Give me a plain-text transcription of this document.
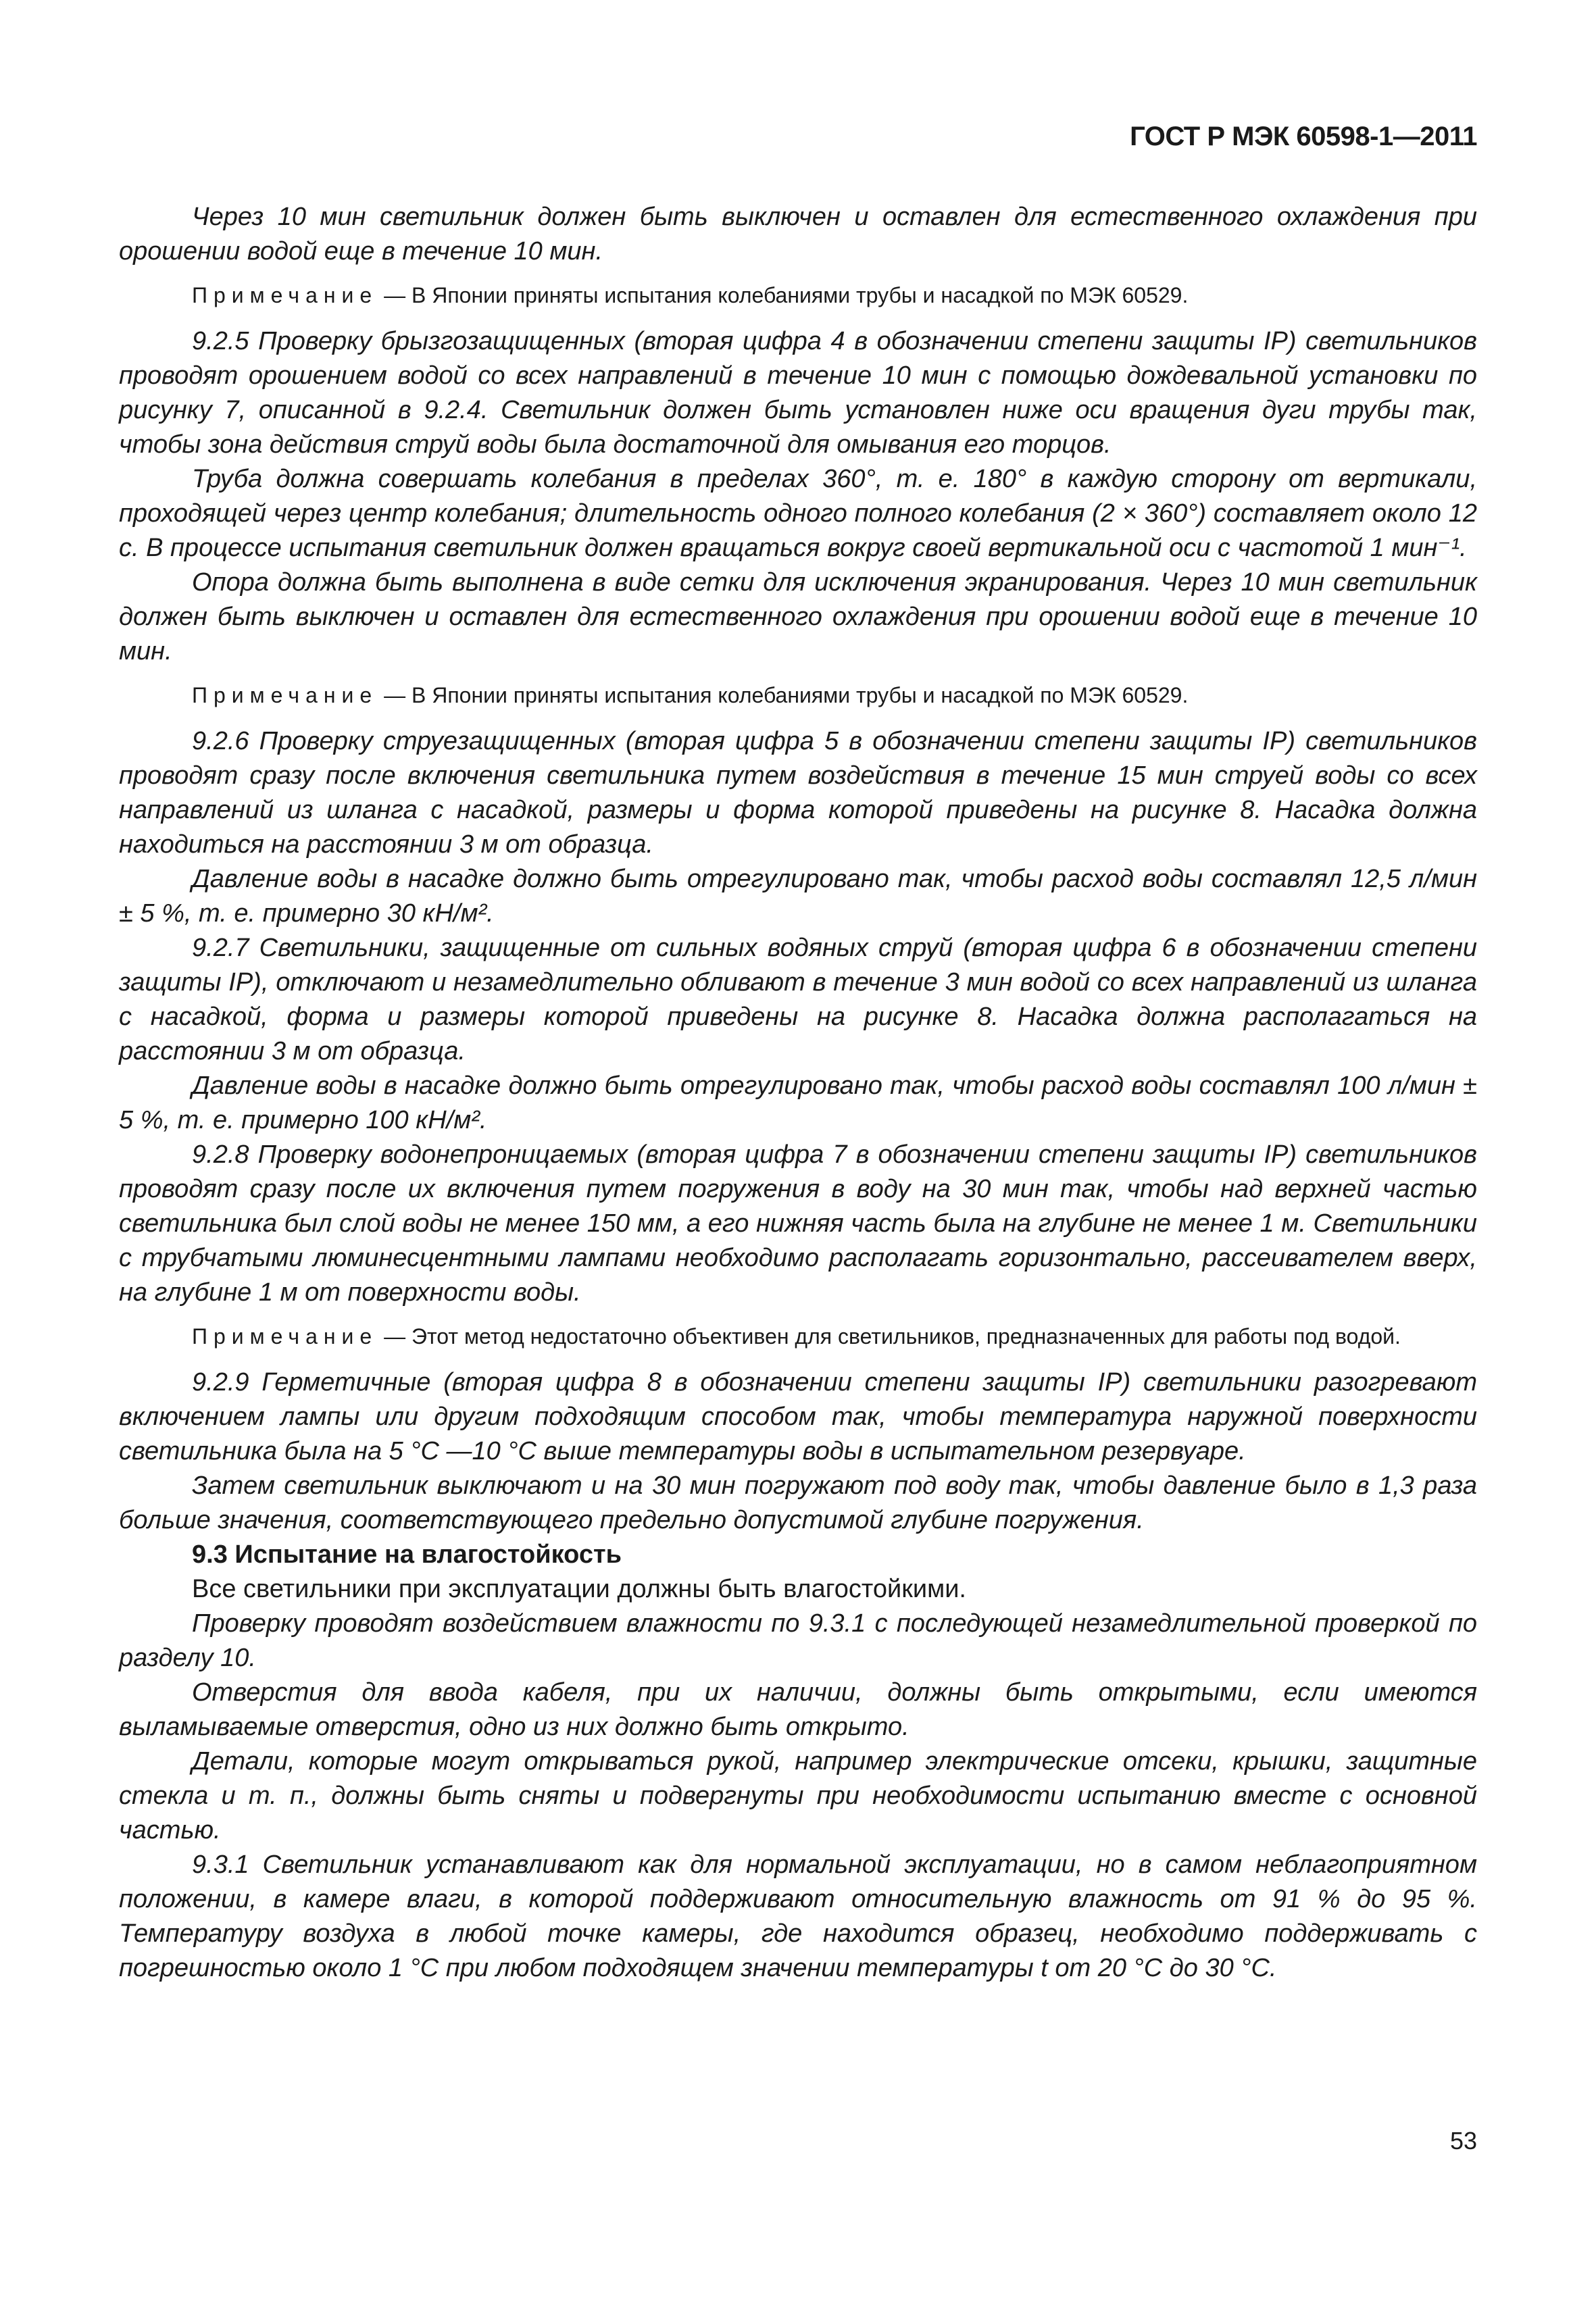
ГОСТ Р МЭК 60598-1—2011

Через 10 мин светильник должен быть выключен и оставлен для естественного охлаждения при орошении водой еще в течение 10 мин.

Примечание — В Японии приняты испытания колебаниями трубы и насадкой по МЭК 60529.

9.2.5 Проверку брызгозащищенных (вторая цифра 4 в обозначении степени защиты IP) светильников проводят орошением водой со всех направлений в течение 10 мин с помощью дождевальной установки по рисунку 7, описанной в 9.2.4. Светильник должен быть установлен ниже оси вращения дуги трубы так, чтобы зона действия струй воды была достаточной для омывания его торцов.

Труба должна совершать колебания в пределах 360°, т. е. 180° в каждую сторону от вертикали, проходящей через центр колебания; длительность одного полного колебания (2 × 360°) составляет около 12 с. В процессе испытания светильник должен вращаться вокруг своей вертикальной оси с частотой 1 мин⁻¹.

Опора должна быть выполнена в виде сетки для исключения экранирования. Через 10 мин светильник должен быть выключен и оставлен для естественного охлаждения при орошении водой еще в течение 10 мин.

Примечание — В Японии приняты испытания колебаниями трубы и насадкой по МЭК 60529.

9.2.6 Проверку струезащищенных (вторая цифра 5 в обозначении степени защиты IP) светильников проводят сразу после включения светильника путем воздействия в течение 15 мин струей воды со всех направлений из шланга с насадкой, размеры и форма которой приведены на рисунке 8. Насадка должна находиться на расстоянии 3 м от образца.

Давление воды в насадке должно быть отрегулировано так, чтобы расход воды составлял 12,5 л/мин ± 5 %, т. е. примерно 30 кН/м².

9.2.7 Светильники, защищенные от сильных водяных струй (вторая цифра 6 в обозначении степени защиты IP), отключают и незамедлительно обливают в течение 3 мин водой со всех направлений из шланга с насадкой, форма и размеры которой приведены на рисунке 8. Насадка должна располагаться на расстоянии 3 м от образца.

Давление воды в насадке должно быть отрегулировано так, чтобы расход воды составлял 100 л/мин ± 5 %, т. е. примерно 100 кН/м².

9.2.8 Проверку водонепроницаемых (вторая цифра 7 в обозначении степени защиты IP) светильников проводят сразу после их включения путем погружения в воду на 30 мин так, чтобы над верхней частью светильника был слой воды не менее 150 мм, а его нижняя часть была на глубине не менее 1 м. Светильники с трубчатыми люминесцентными лампами необходимо располагать горизонтально, рассеивателем вверх, на глубине 1 м от поверхности воды.

Примечание — Этот метод недостаточно объективен для светильников, предназначенных для работы под водой.

9.2.9 Герметичные (вторая цифра 8 в обозначении степени защиты IP) светильники разогревают включением лампы или другим подходящим способом так, чтобы температура наружной поверхности светильника была на 5 °С —10 °С выше температуры воды в испытательном резервуаре.

Затем светильник выключают и на 30 мин погружают под воду так, чтобы давление было в 1,3 раза больше значения, соответствующего предельно допустимой глубине погружения.

9.3 Испытание на влагостойкость

Все светильники при эксплуатации должны быть влагостойкими.

Проверку проводят воздействием влажности по 9.3.1 с последующей незамедлительной проверкой по разделу 10.

Отверстия для ввода кабеля, при их наличии, должны быть открытыми, если имеются выламываемые отверстия, одно из них должно быть открыто.

Детали, которые могут открываться рукой, например электрические отсеки, крышки, защитные стекла и т. п., должны быть сняты и подвергнуты при необходимости испытанию вместе с основной частью.

9.3.1 Светильник устанавливают как для нормальной эксплуатации, но в самом неблагоприятном положении, в камере влаги, в которой поддерживают относительную влажность от 91 % до 95 %. Температуру воздуха в любой точке камеры, где находится образец, необходимо поддерживать с погрешностью около 1 °С при любом подходящем значении температуры t от 20 °С до 30 °С.

53
